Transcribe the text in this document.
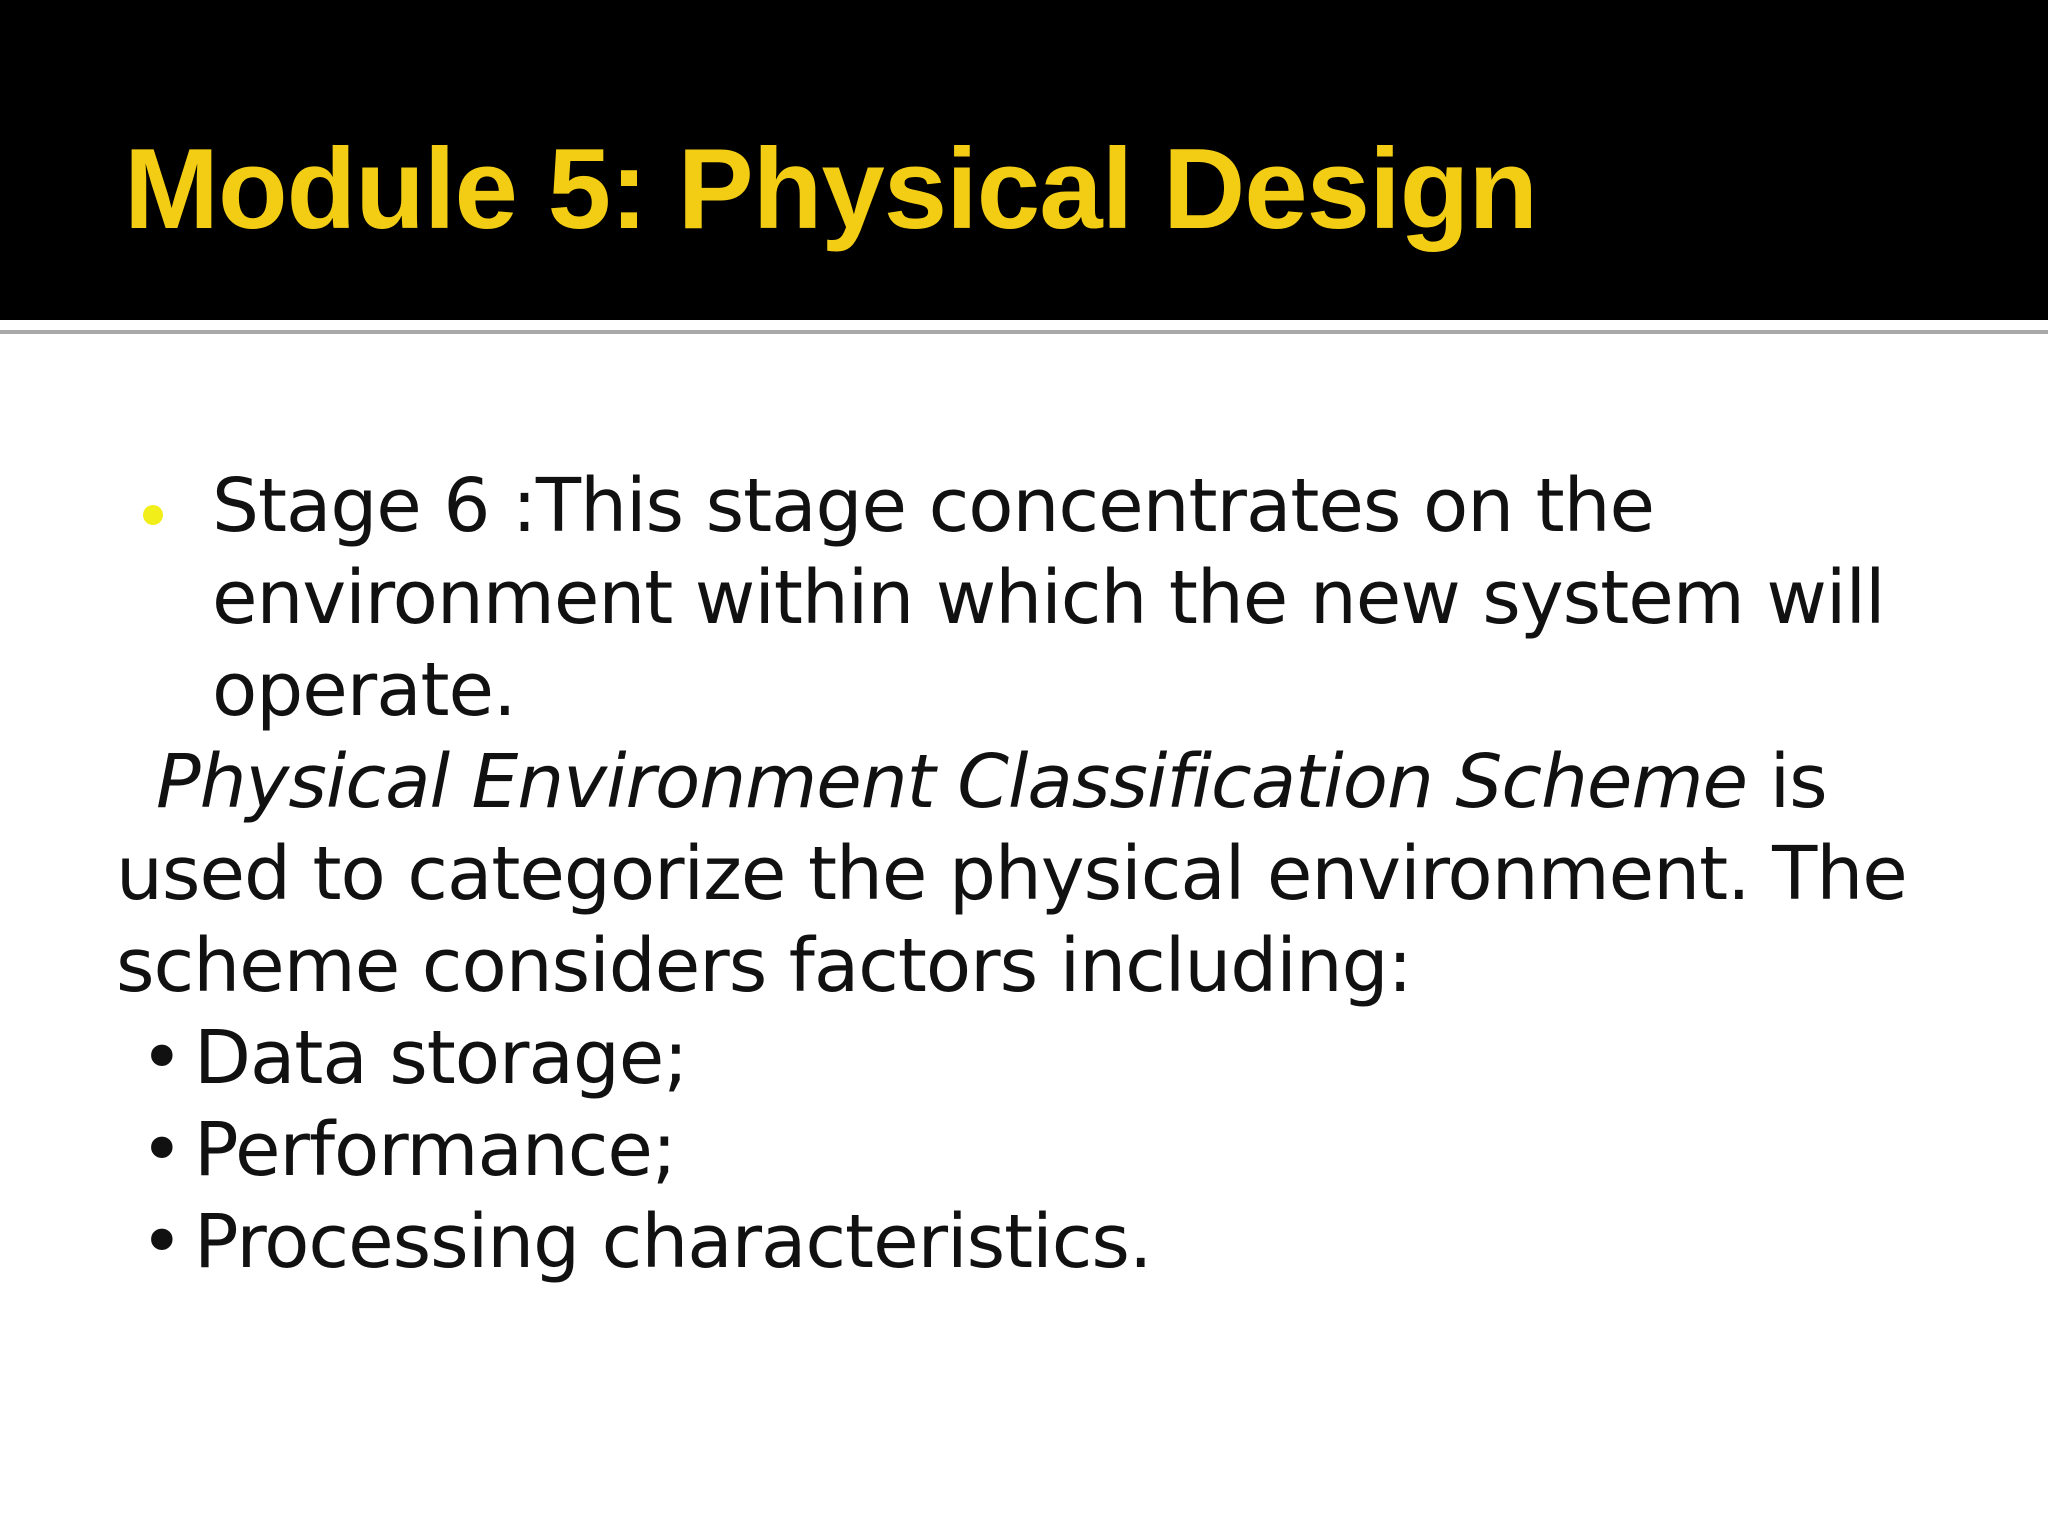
Module 5: Physical Design

Stage 6 :This stage concentrates on the environment within which the new system will operate.

Physical Environment Classification Scheme is used to categorize the physical environment. The scheme considers factors including:

• Data storage;
• Performance;
• Processing characteristics.
